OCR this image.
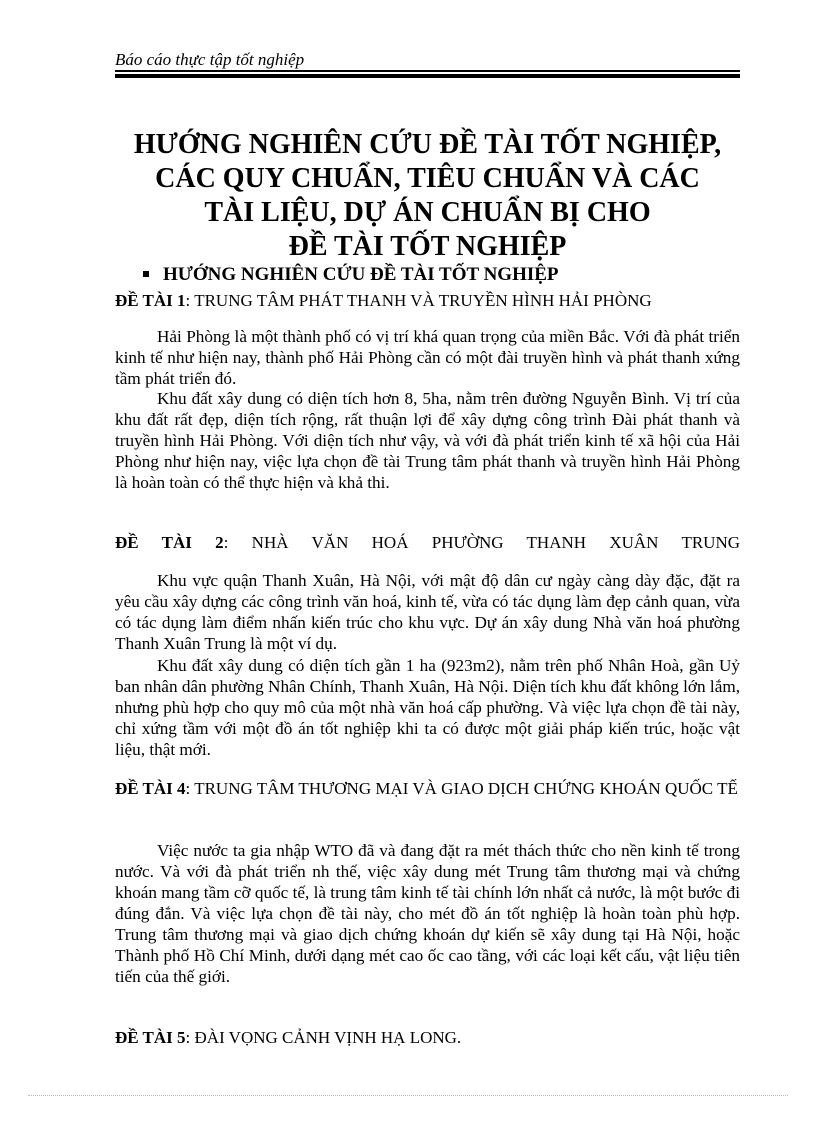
Báo cáo thực tập tốt nghiệp
HƯỚNG NGHIÊN CỨU ĐỀ TÀI TỐT NGHIỆP,
CÁC QUY CHUẨN, TIÊU CHUẨN VÀ CÁC
TÀI LIỆU, DỰ ÁN CHUẨN BỊ CHO
ĐỀ TÀI TỐT NGHIỆP
HƯỚNG NGHIÊN CỨU ĐỀ TÀI TỐT NGHIỆP
ĐỀ TÀI 1: TRUNG TÂM PHÁT THANH VÀ TRUYỀN HÌNH HẢI PHÒNG
Hải Phòng là một thành phố có vị trí khá quan trọng của miền Bắc. Với đà phát triển kinh tế như hiện nay, thành phố Hải Phòng cần có một đài truyền hình và phát thanh xứng tầm phát triển đó.
Khu đất xây dung có diện tích hơn 8, 5ha, nằm trên đường Nguyễn Bình. Vị trí của khu đất rất đẹp, diện tích rộng, rất thuận lợi để xây dựng công trình Đài phát thanh và truyền hình Hải Phòng. Với diện tích như vậy, và với đà phát triển kinh tế xã hội của Hải Phòng như hiện nay, việc lựa chọn đề tài Trung tâm phát thanh và truyền hình Hải Phòng là hoàn toàn có thể thực hiện và khả thi.
ĐỀ TÀI 2: NHÀ VĂN HOÁ PHƯỜNG THANH XUÂN TRUNG
Khu vực quận Thanh Xuân, Hà Nội, với mật độ dân cư ngày càng dày đặc, đặt ra yêu cầu xây dựng các công trình văn hoá, kinh tế, vừa có tác dụng làm đẹp cảnh quan, vừa có tác dụng làm điểm nhấn kiến trúc cho khu vực. Dự án xây dung Nhà văn hoá phường Thanh Xuân Trung là một ví dụ.
Khu đất xây dung có diện tích gần 1 ha (923m2), nằm trên phố Nhân Hoà, gần Uỷ ban nhân dân phường Nhân Chính, Thanh Xuân, Hà Nội. Diện tích khu đất không lớn lắm, nhưng phù hợp cho quy mô của một nhà văn hoá cấp phường. Và việc lựa chọn đề tài này, chỉ xứng tầm với một đồ án tốt nghiệp khi ta có được một giải pháp kiến trúc, hoặc vật liệu, thật mới.
ĐỀ TÀI 4: TRUNG TÂM THƯƠNG MẠI VÀ GIAO DỊCH CHỨNG KHOÁN QUỐC TẾ
Việc nước ta gia nhập WTO đã và đang đặt ra mét thách thức cho nền kinh tế trong nước. Và với đà phát triển nh thế, việc xây dung mét Trung tâm thương mại và chứng khoán mang tầm cỡ quốc tế, là trung tâm kinh tế tài chính lớn nhất cả nước, là một bước đi đúng đắn. Và việc lựa chọn đề tài này, cho mét đồ án tốt nghiệp là hoàn toàn phù hợp. Trung tâm thương mại và giao dịch chứng khoán dự kiến sẽ xây dung tại Hà Nội, hoặc Thành phố Hồ Chí Minh, dưới dạng mét cao ốc cao tầng, với các loại kết cấu, vật liệu tiên tiến của thế giới.
ĐỀ TÀI 5: ĐÀI VỌNG CẢNH VỊNH HẠ LONG.
